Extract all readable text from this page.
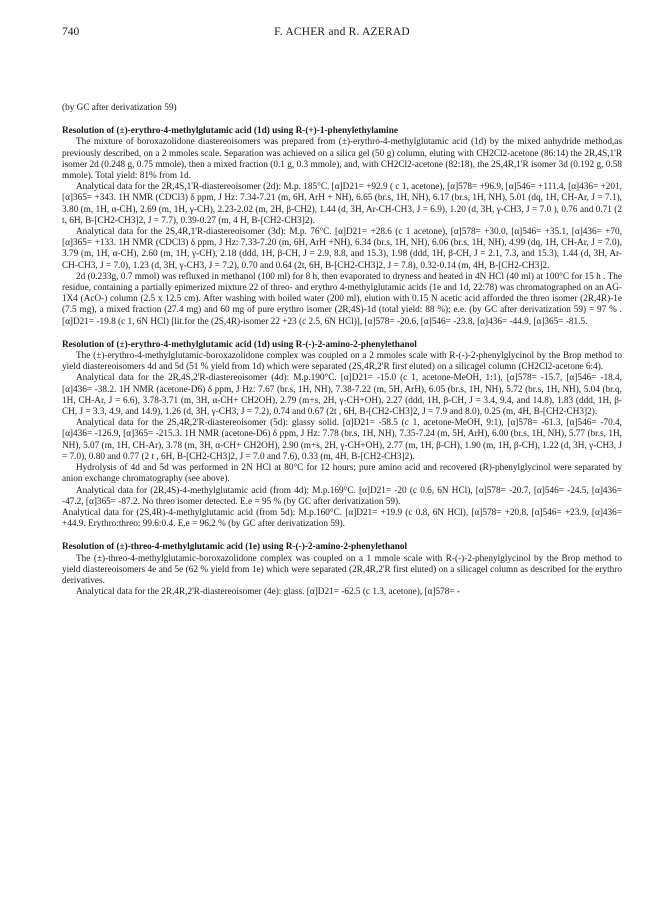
740	F. ACHER and R. AZERAD

(by GC after derivatization 59)

Resolution of (±)-erythro-4-methylglutamic acid (1d) using R-(+)-1-phenylethylamine

The mixture of boroxazolidone diastereoisomers was prepared from (±)-erythro-4-methylglutamic acid (1d) by the mixed anhydride method,as previously described, on a 2 mmoles scale. Separation was achieved on a silica gel (50 g) column, eluting with CH2Cl2-acetone (86:14) the 2R,4S,1'R isomer 2d (0.248 g, 0.75 mmole), then a mixed fraction (0.1 g, 0.3 mmole), and, with CH2Cl2-acetone (82:18), the 2S,4R,1'R isomer 3d (0.192 g, 0.58 mmole). Total yield: 81% from 1d.

Analytical data for the 2R,4S,1'R-diastereoisomer (2d): M.p. 185°C. [α]D21= +92.9 ( c 1, acetone), [α]578= +96.9, [α]546= +111.4, [α]436= +201, [α]365= +343. 1H NMR (CDCl3) δ ppm, J Hz: 7.34-7.21 (m, 6H, ArH + NH), 6.65 (br.s, 1H, NH), 6.17 (br.s, 1H, NH), 5.01 (dq, 1H, CH-Ar, J = 7.1), 3.80 (m, 1H, α-CH), 2.69 (m, 1H, γ-CH), 2.23-2.02 (m, 2H, β-CH2), 1.44 (d, 3H, Ar-CH-CH3, J = 6.9), 1.20 (d, 3H, γ-CH3, J = 7.0 ), 0.76 and 0.71 (2 t, 6H, B-[CH2-CH3]2, J = 7.7), 0.39-0.27 (m, 4 H, B-[CH2-CH3]2).

Analytical data for the 2S,4R,1'R-diastereoisomer (3d): M.p. 76°C. [α]D21= +28.6 (c 1 acetone), [α]578= +30.0, [α]546= +35.1, [α]436= +70, [α]365= +133. 1H NMR (CDCl3) δ ppm, J Hz: 7.33-7.20 (m, 6H, ArH +NH), 6.34 (br.s, 1H, NH), 6.06 (br.s, 1H, NH), 4.99 (dq, 1H, CH-Ar, J = 7.0), 3.79 (m, 1H, α-CH), 2.60 (m, 1H, γ-CH), 2.18 (ddd, 1H, β-CH, J = 2.9, 8.8, and 15.3), 1.98 (ddd, 1H, β-CH, J = 2.1, 7.3, and 15.3), 1.44 (d, 3H, Ar-CH-CH3, J = 7.0), 1.23 (d, 3H, γ-CH3, J = 7.2), 0.70 and 0.64 (2t, 6H, B-[CH2-CH3]2, J = 7.8), 0.32-0.14 (m, 4H, B-[CH2-CH3]2.

2d (0.233g, 0.7 mmol) was refluxed in methanol (100 ml) for 8 h, then evaporated to dryness and heated in 4N HCl (40 ml) at 100°C for 15 h . The residue, containing a partially epimerized mixture 22 of threo- and erythro 4-methylglutamic acids (1e and 1d, 22:78) was chromatographed on an AG-1X4 (AcO-) column (2.5 x 12.5 cm). After washing with boiled water (200 ml), elution with 0.15 N acetic acid afforded the threo isomer (2R,4R)-1e (7.5 mg), a mixed fraction (27.4 mg) and 60 mg of pure erythro isomer (2R,4S)-1d (total yield: 88 %); e.e. (by GC after derivatization 59) = 97 % . [α]D21= -19.8 (c 1, 6N HCl) [lit.for the (2S,4R)-isomer 22 +23 (c 2.5, 6N HCl)], [α]578= -20.6, [α]546= -23.8, [α]436= -44.9, [α]365= -81.5.

Resolution of (±)-erythro-4-methylglutamic acid (1d) using R-(-)-2-amino-2-phenylethanol

The (±)-erythro-4-methylglutamic-boroxazolidone complex was coupled on a 2 mmoles scale with R-(-)-2-phenylglycinol by the Brop method to yield diastereoisomers 4d and 5d (51 % yield from 1d) which were separated (2S,4R,2'R first eluted) on a silicagel column (CH2Cl2-acetone 6:4).

Analytical data for the 2R,4S,2'R-diastereoisomer (4d): M.p.190°C. [α]D21= -15.0 (c 1, acetone-MeOH, 1:1), [α]578= -15.7, [α]546= -18.4, [α]436= -38.2. 1H NMR (acetone-D6) δ ppm, J Hz: 7.67 (br.s, 1H, NH), 7.38-7.22 (m, 5H, ArH), 6.05 (br.s, 1H, NH), 5.72 (br.s, 1H, NH), 5.04 (br.q, 1H, CH-Ar, J = 6.6), 3.78-3.71 (m, 3H, α-CH+ CH2OH), 2.79 (m+s, 2H, γ-CH+OH), 2.27 (ddd, 1H, β-CH, J = 3.4, 9.4, and 14.8), 1.83 (ddd, 1H, β-CH, J = 3.3, 4.9, and 14.9), 1.26 (d, 3H, γ-CH3, J = 7.2), 0.74 and 0.67 (2t , 6H, B-[CH2-CH3]2, J = 7.9 and 8.0), 0.25 (m, 4H, B-[CH2-CH3]2).

Analytical data for the 2S,4R,2'R-diastereoisomer (5d): glassy solid. [α]D21= -58.5 (c 1, acetone-MeOH, 9:1), [α]578= -61.3, [α]546= -70.4, [α]436= -126.9, [α]365= -215.3. 1H NMR (acetone-D6) δ ppm, J Hz: 7.78 (br.s, 1H, NH), 7.35-7.24 (m, 5H, ArH), 6.00 (br.s, 1H, NH), 5.77 (br.s, 1H, NH), 5.07 (m, 1H, CH-Ar), 3.78 (m, 3H, α-CH+ CH2OH), 2.90 (m+s, 2H, γ-CH+OH), 2.77 (m, 1H, β-CH), 1.90 (m, 1H, β-CH), 1.22 (d, 3H, γ-CH3, J = 7.0), 0.80 and 0.77 (2 t , 6H, B-[CH2-CH3]2, J = 7.0 and 7.6), 0.33 (m, 4H, B-[CH2-CH3]2).

Hydrolysis of 4d and 5d was performed in 2N HCl at 80°C for 12 hours; pure amino acid and recovered (R)-phenylglycinol were separated by anion exchange chromatography (see above).

Analytical data for (2R,4S)-4-methylglutamic acid (from 4d): M.p.169°C. [α]D21= -20 (c 0.6, 6N HCl), [α]578= -20.7, [α]546= -24.5, [α]436= -47.2, [α]365= -87.2. No threo isomer detected. E.e = 95 % (by GC after derivatization 59).

Analytical data for (2S,4R)-4-methylglutamic acid (from 5d): M.p.160°C. [α]D21= +19.9 (c 0.8, 6N HCl), [α]578= +20.8, [α]546= +23.9, [α]436= +44.9. Erythro:threo: 99.6:0.4. E.e = 96.2 % (by GC after derivatization 59).

Resolution of (±)-threo-4-methylglutamic acid (1e) using R-(-)-2-amino-2-phenylethanol

The (±)-threo-4-methylglutamic-boroxazolidone complex was coupled on a 1 mmole scale with R-(-)-2-phenylglycinol by the Brop method to yield diastereoisomers 4e and 5e (62 % yield from 1e) which were separated (2R,4R,2'R first eluted) on a silicagel column as described for the erythro derivatives.

Analytical data for the 2R,4R,2'R-diastereoisomer (4e): glass. [α]D21= -62.5 (c 1.3, acetone), [α]578= -
